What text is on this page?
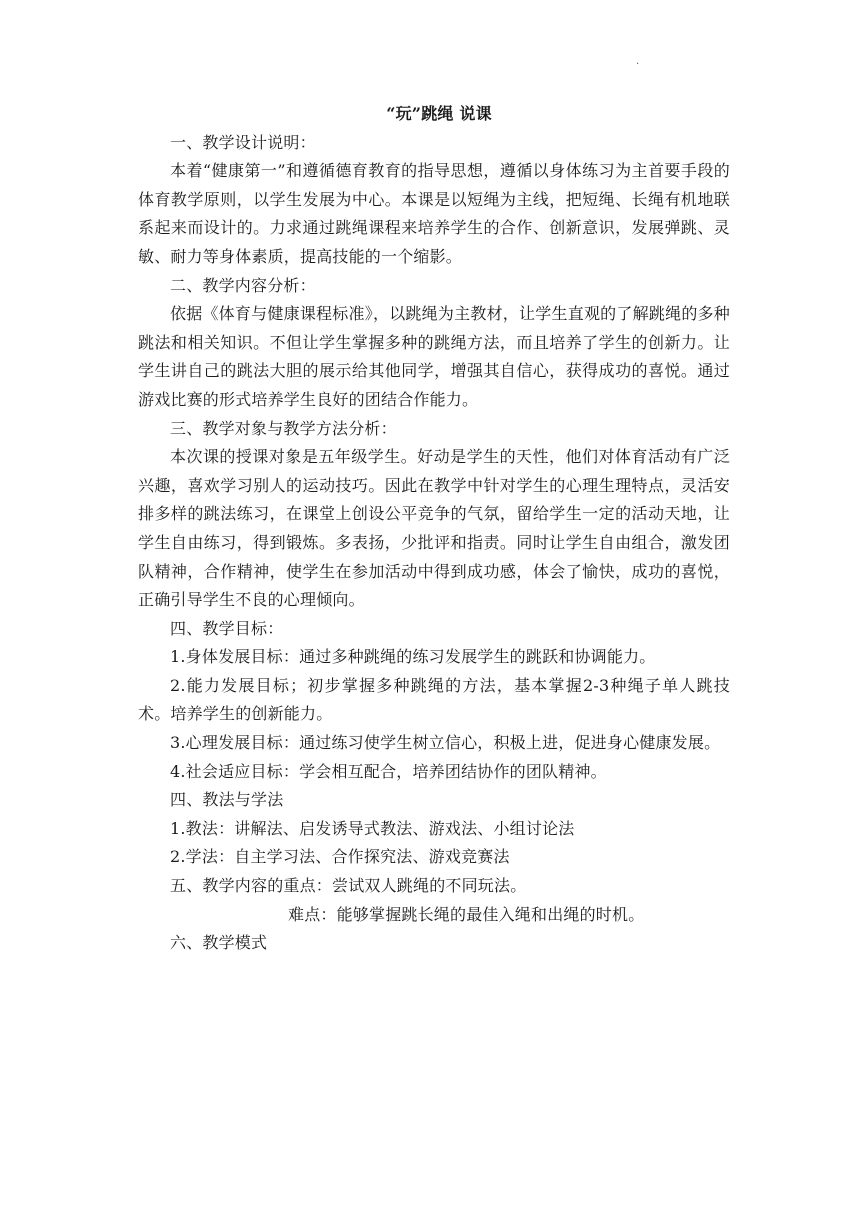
.
“玩”跳绳 说课

一、教学设计说明：

本着“健康第一”和遵循德育教育的指导思想，遵循以身体练习为主首要手段的体育教学原则，以学生发展为中心。本课是以短绳为主线，把短绳、长绳有机地联系起来而设计的。力求通过跳绳课程来培养学生的合作、创新意识，发展弹跳、灵敏、耐力等身体素质，提高技能的一个缩影。

二、教学内容分析：

依据《体育与健康课程标准》，以跳绳为主教材，让学生直观的了解跳绳的多种跳法和相关知识。不但让学生掌握多种的跳绳方法，而且培养了学生的创新力。让学生讲自己的跳法大胆的展示给其他同学，增强其自信心，获得成功的喜悦。通过游戏比赛的形式培养学生良好的团结合作能力。

三、教学对象与教学方法分析：

本次课的授课对象是五年级学生。好动是学生的天性，他们对体育活动有广泛兴趣，喜欢学习别人的运动技巧。因此在教学中针对学生的心理生理特点，灵活安排多样的跳法练习，在课堂上创设公平竞争的气氛，留给学生一定的活动天地，让学生自由练习，得到锻炼。多表扬，少批评和指责。同时让学生自由组合，激发团队精神，合作精神，使学生在参加活动中得到成功感，体会了愉快，成功的喜悦，正确引导学生不良的心理倾向。

四、教学目标：

1.身体发展目标：通过多种跳绳的练习发展学生的跳跃和协调能力。

2.能力发展目标；初步掌握多种跳绳的方法，基本掌握2-3种绳子单人跳技术。培养学生的创新能力。

3.心理发展目标：通过练习使学生树立信心，积极上进，促进身心健康发展。

4.社会适应目标：学会相互配合，培养团结协作的团队精神。

四、教法与学法

1.教法：讲解法、启发诱导式教法、游戏法、小组讨论法

2.学法：自主学习法、合作探究法、游戏竞赛法

五、教学内容的重点：尝试双人跳绳的不同玩法。

难点：能够掌握跳长绳的最佳入绳和出绳的时机。

六、教学模式
